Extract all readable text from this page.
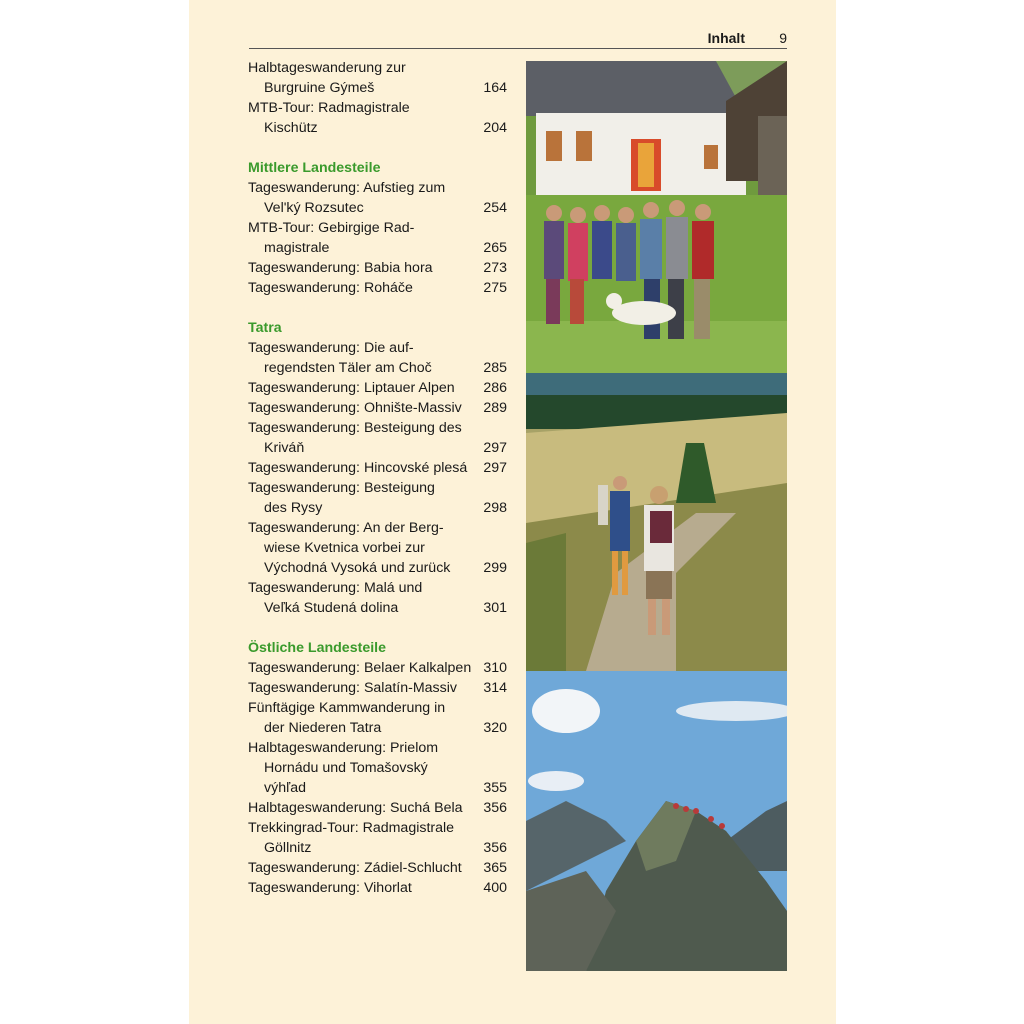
Inhalt 9
Halbtageswanderung zur
Burgruine Gýmeš	164
MTB-Tour: Radmagistrale
Kischütz	204
Mittlere Landesteile
Tageswanderung: Aufstieg zum
Vel'ký Rozsutec	254
MTB-Tour: Gebirgige Rad-
magistrale	265
Tageswanderung: Babia hora	273
Tageswanderung: Roháče	275
Tatra
Tageswanderung: Die auf-
regendsten Täler am Choč	285
Tageswanderung: Liptauer Alpen 286
Tageswanderung: Ohnište-Massiv 289
Tageswanderung: Besteigung des
Kriváň	297
Tageswanderung: Hincovské plesá 297
Tageswanderung: Besteigung
des Rysy	298
Tageswanderung: An der Berg-
wiese Kvetnica vorbei zur
Východná Vysoká und zurück 299
Tageswanderung: Malá und
Veľká Studená dolina	301
Östliche Landesteile
Tageswanderung: Belaer Kalkalpen 310
Tageswanderung: Salatín-Massiv 314
Fünftägige Kammwanderung in
der Niederen Tatra	320
Halbtageswanderung: Prielom
Hornádu und Tomašovský
výhľad	355
Halbtageswanderung: Suchá Bela 356
Trekkingrad-Tour: Radmagistrale
Göllnitz	356
Tageswanderung: Zádiel-Schlucht 365
Tageswanderung: Vihorlat	400
